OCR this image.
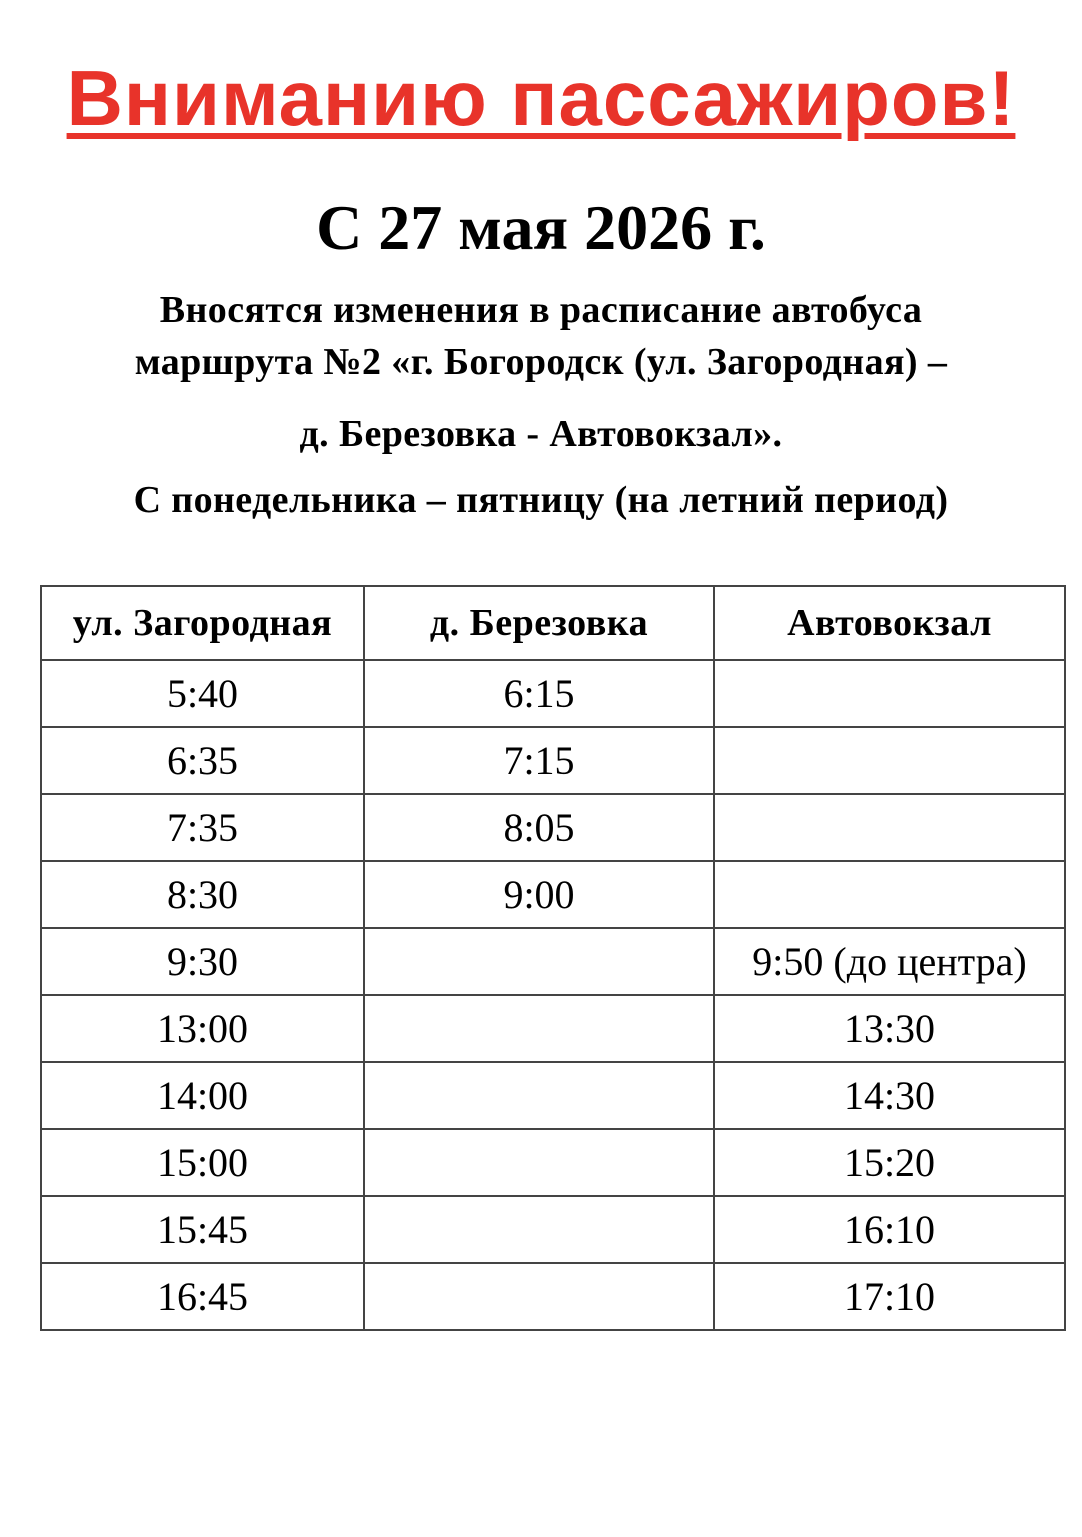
Вниманию пассажиров!
С 27 мая 2026 г.
Вносятся изменения в расписание автобуса
маршрута №2 «г. Богородск (ул. Загородная) –
д. Березовка - Автовокзал».
С понедельника – пятницу (на летний период)
ул. Загородная	д. Березовка	Автовокзал
5:40	6:15	
6:35	7:15	
7:35	8:05	
8:30	9:00	
9:30		9:50 (до центра)
13:00		13:30
14:00		14:30
15:00		15:20
15:45		16:10
16:45		17:10
